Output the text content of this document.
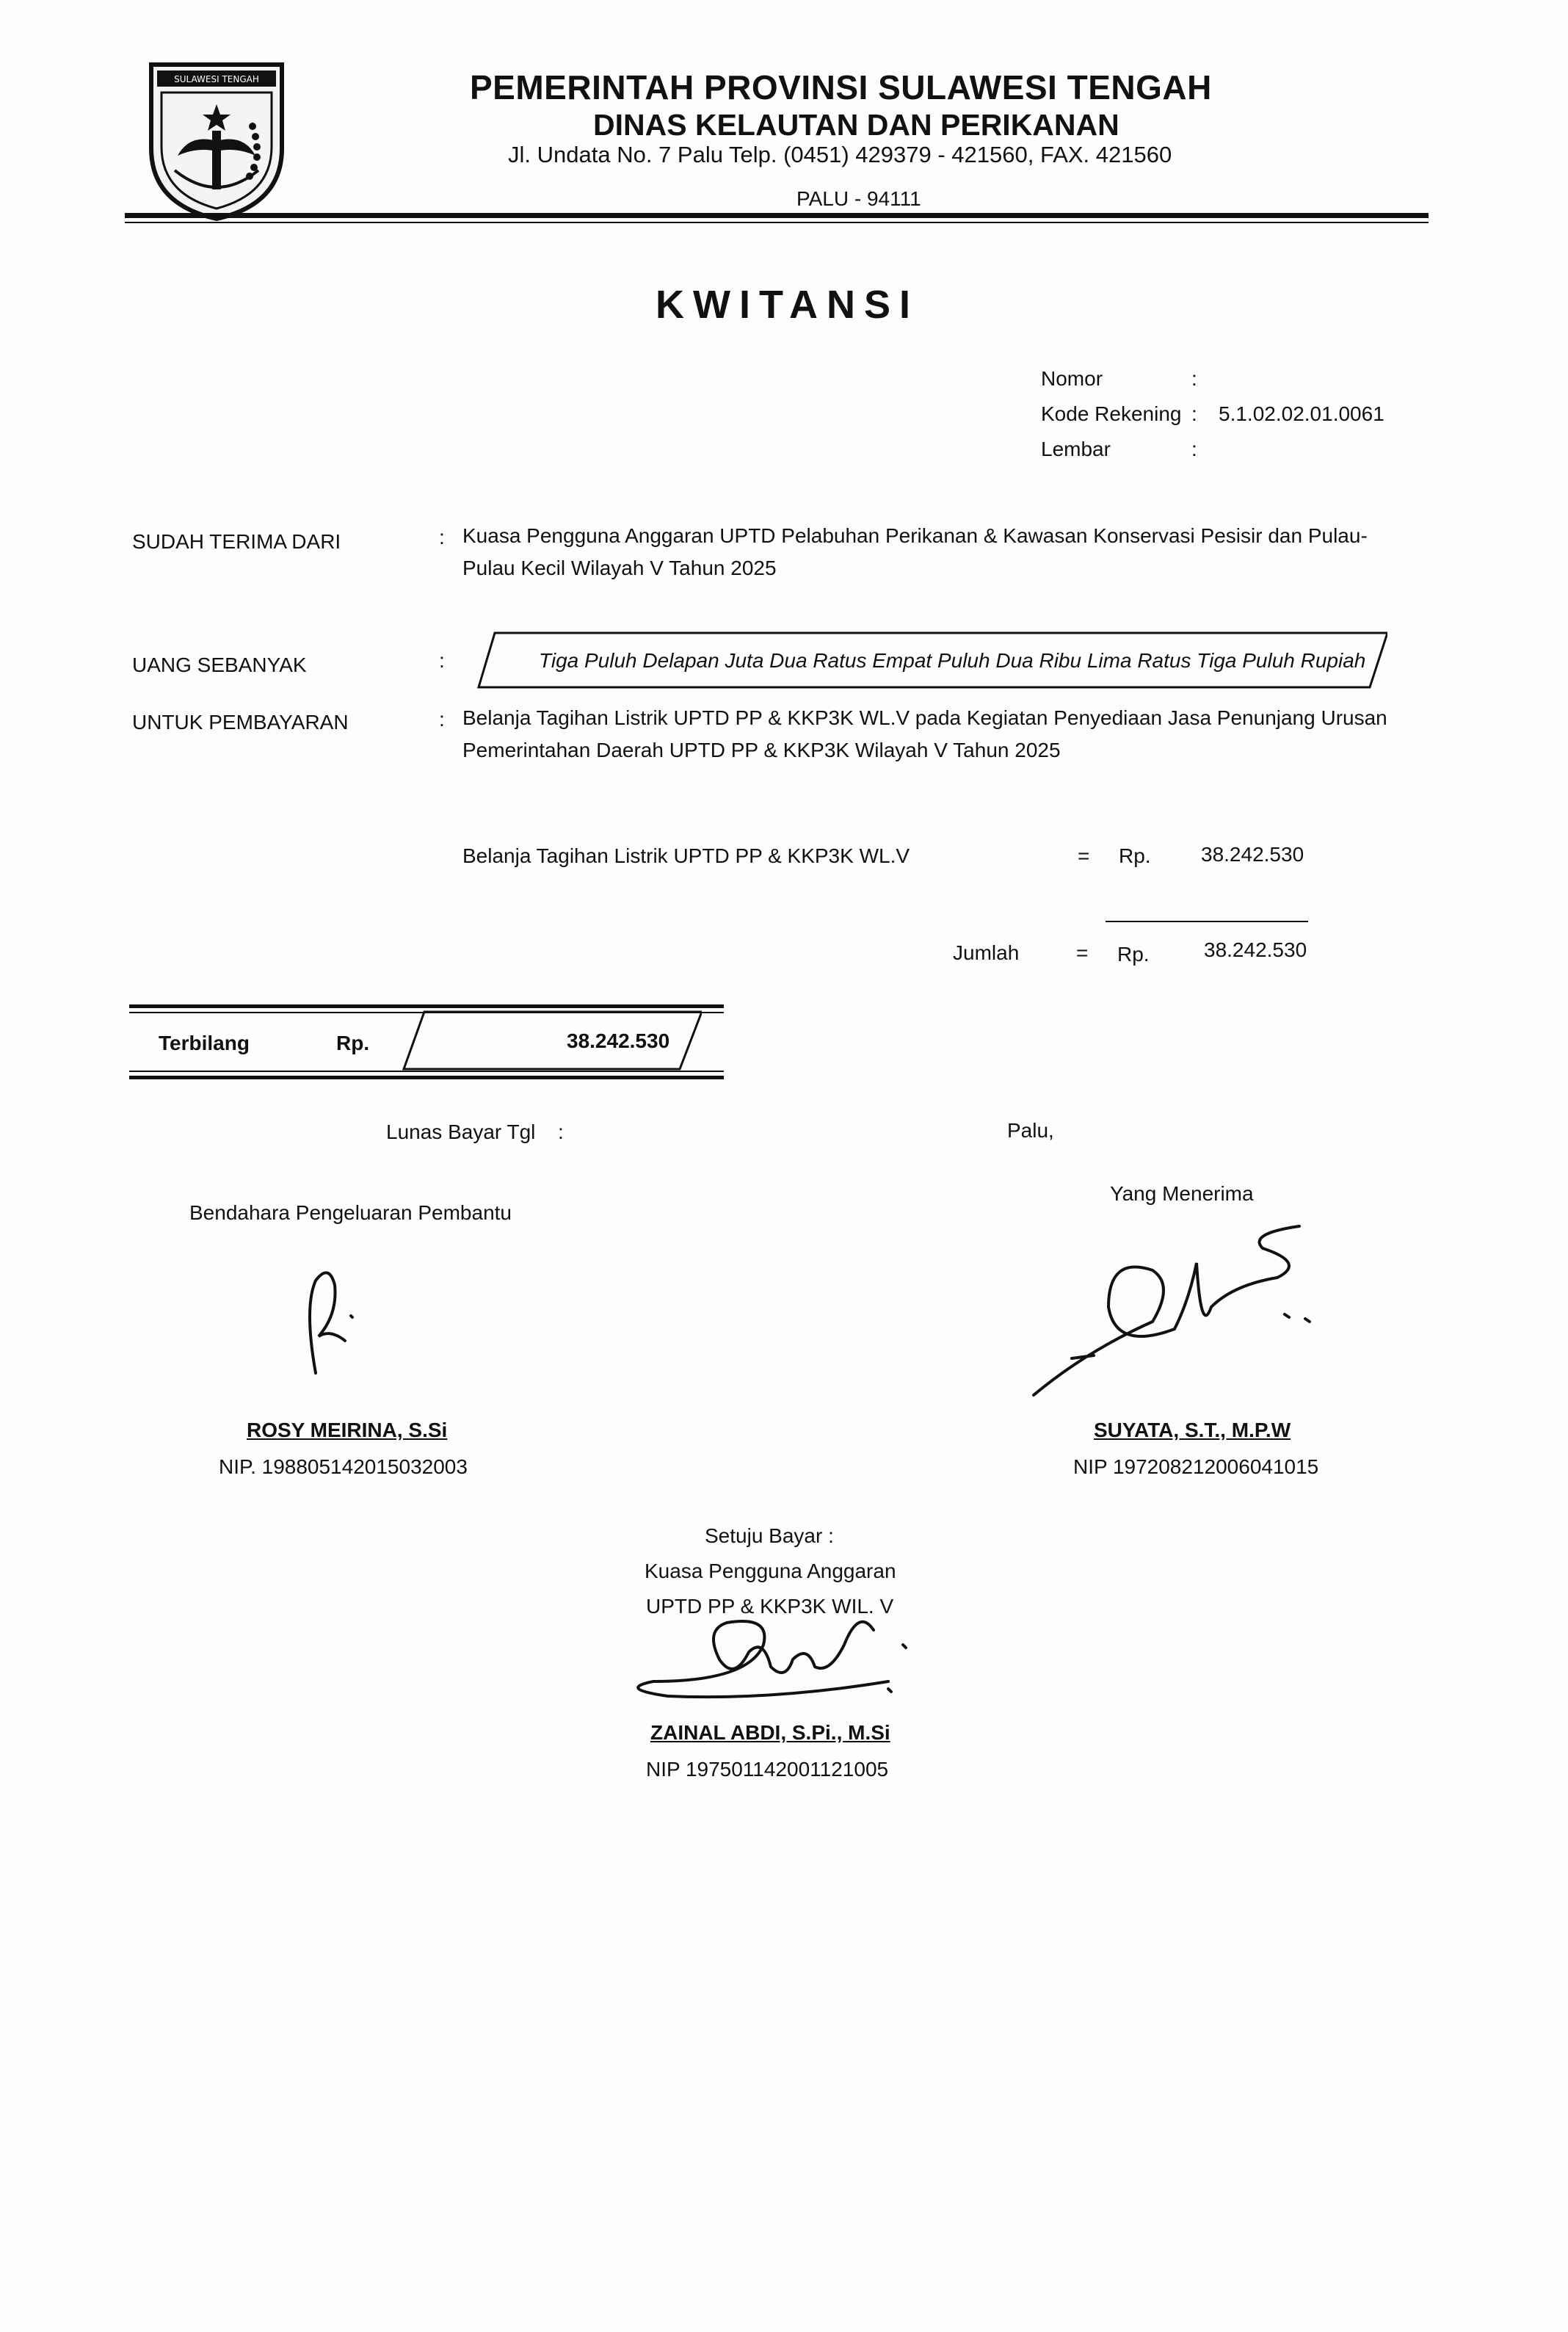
SULAWESI TENGAH	PEMERINTAH PROVINSI SULAWESI TENGAH
DINAS KELAUTAN DAN PERIKANAN
Jl. Undata No. 7 Palu Telp. (0451) 429379 - 421560, FAX. 421560
PALU - 94111
KWITANSI
Nomor	:
Kode Rekening : 5.1.02.02.01.0061
Lembar	:
SUDAH TERIMA DARI	: Kuasa Pengguna Anggaran UPTD Pelabuhan Perikanan & Kawasan Konservasi Pesisir dan Pulau-Pulau Kecil Wilayah V Tahun 2025
UANG SEBANYAK	:	Tiga Puluh Delapan Juta Dua Ratus Empat Puluh Dua Ribu Lima Ratus Tiga Puluh Rupiah
UNTUK PEMBAYARAN	: Belanja Tagihan Listrik UPTD PP & KKP3K WL.V pada Kegiatan Penyediaan Jasa Penunjang Urusan Pemerintahan Daerah UPTD PP & KKP3K Wilayah V Tahun 2025
Belanja Tagihan Listrik UPTD PP & KKP3K WL.V	= Rp. 38.242.530
Jumlah	= Rp.	38.242.530
Terbilang	Rp.	38.242.530
Lunas Bayar Tgl :	Palu,
Bendahara Pengeluaran Pembantu
ROSY MEIRINA, S.Si
NIP. 198805142015032003
Yang Menerima
SUYATA, S.T., M.P.W
NIP 197208212006041015
Setuju Bayar :
Kuasa Pengguna Anggaran
UPTD PP & KKP3K WIL. V
ZAINAL ABDI, S.Pi., M.Si
NIP 197501142001121005
